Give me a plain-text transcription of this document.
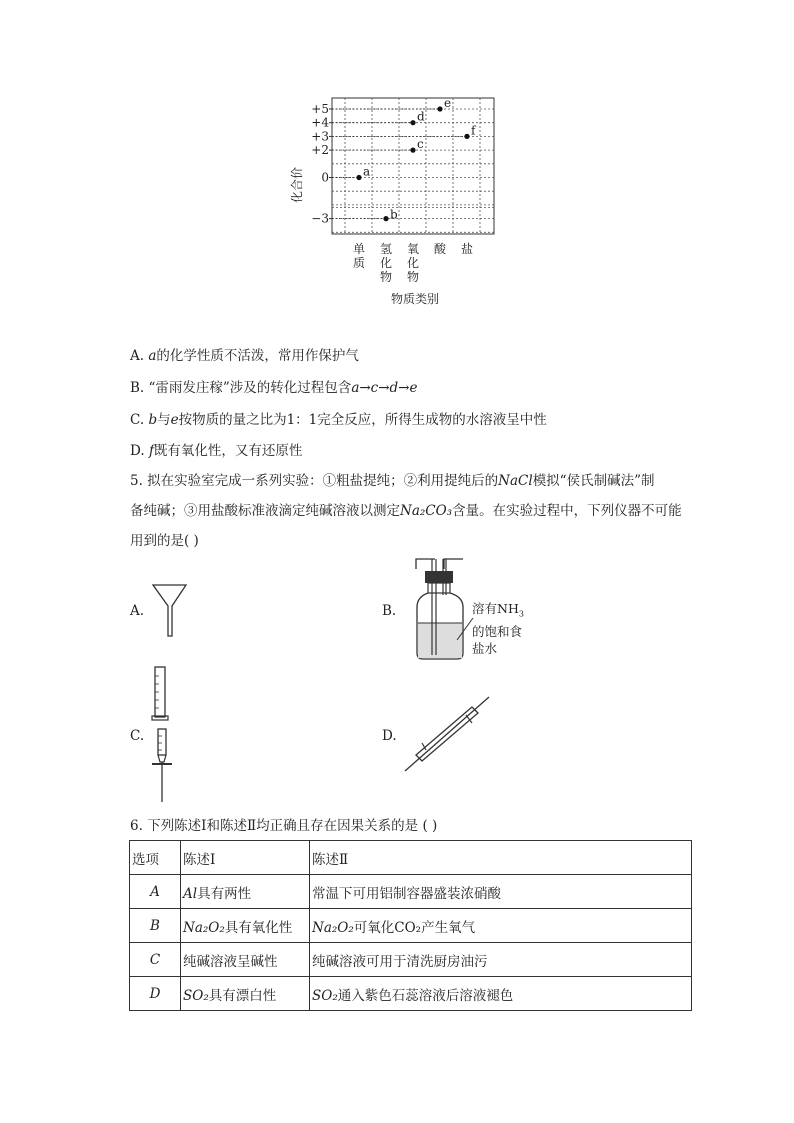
+5
+4
+3
+2
0
−3
a
b
c
d
e
f
化合价
单
质
氢
化
物
氧
化
物
酸 盐
物质类别
A. a的化学性质不活泼，常用作保护气
B. “雷雨发庄稼”涉及的转化过程包含a→c→d→e
C. b与e按物质的量之比为1：1完全反应，所得生成物的水溶液呈中性
D. f既有氧化性，又有还原性
5. 拟在实验室完成一系列实验：①粗盐提纯；②利用提纯后的NaCl模拟“侯氏制碱法”制
备纯碱；③用盐酸标准液滴定纯碱溶液以测定Na₂CO₃含量。在实验过程中，下列仪器不可能
用到的是( )
A.	B.	溶有$NH_3$
的饱和食
盐水
C.	D.
6. 下列陈述Ⅰ和陈述Ⅱ均正确且存在因果关系的是 ( )
选项	陈述Ⅰ	陈述Ⅱ
A	Al具有两性	常温下可用铝制容器盛装浓硝酸
B	Na₂O₂具有氧化性	Na₂O₂可氧化CO₂产生氧气
C	纯碱溶液呈碱性	纯碱溶液可用于清洗厨房油污
D	SO₂具有漂白性	SO₂通入紫色石蕊溶液后溶液褪色
